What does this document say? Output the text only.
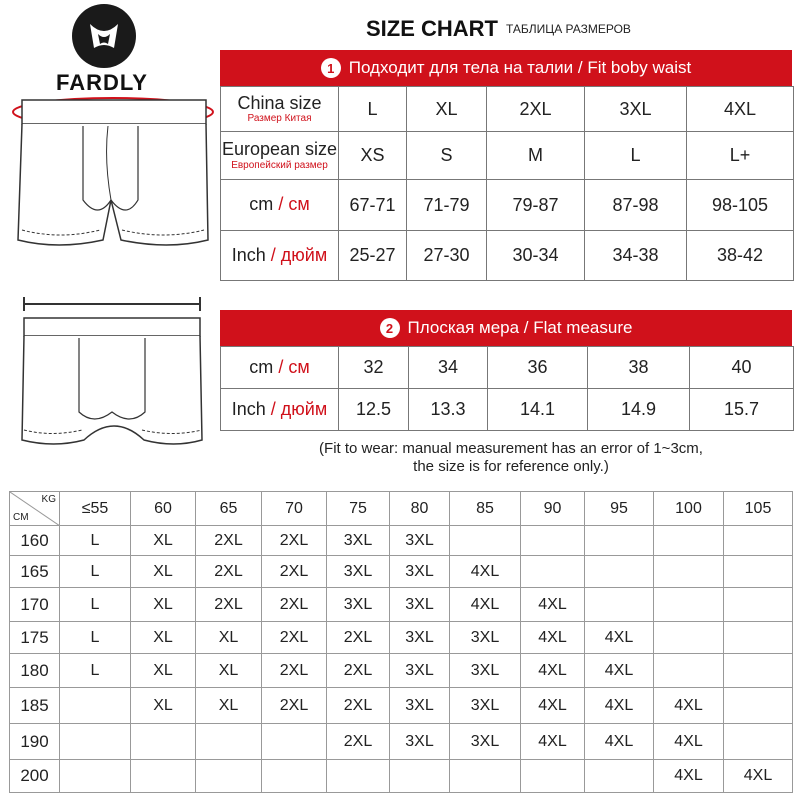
FARDLY
SIZE CHART ТАБЛИЦА РАЗМЕРОВ
1 Подходит для тела на талии / Fit boby waist
China size
Размер Китая	L	XL	2XL	3XL	4XL
European size
Европейский размер	XS	S	M	L	L+
cm / см	67-71	71-79	79-87	87-98	98-105
Inch / дюйм	25-27	27-30	30-34	34-38	38-42
2 Плоская мера / Flat measure
cm / см	32	34	36	38	40
Inch / дюйм	12.5	13.3	14.1	14.9	15.7
(Fit to wear: manual measurement has an error of 1~3cm,
the size is for reference only.)
KG
CM	≤55	60	65	70	75	80	85	90	95	100	105
160	L	XL	2XL	2XL	3XL	3XL					
165	L	XL	2XL	2XL	3XL	3XL	4XL				
170	L	XL	2XL	2XL	3XL	3XL	4XL	4XL			
175	L	XL	XL	2XL	2XL	3XL	3XL	4XL	4XL		
180	L	XL	XL	2XL	2XL	3XL	3XL	4XL	4XL		
185		XL	XL	2XL	2XL	3XL	3XL	4XL	4XL	4XL	
190					2XL	3XL	3XL	4XL	4XL	4XL	
200										4XL	4XL
